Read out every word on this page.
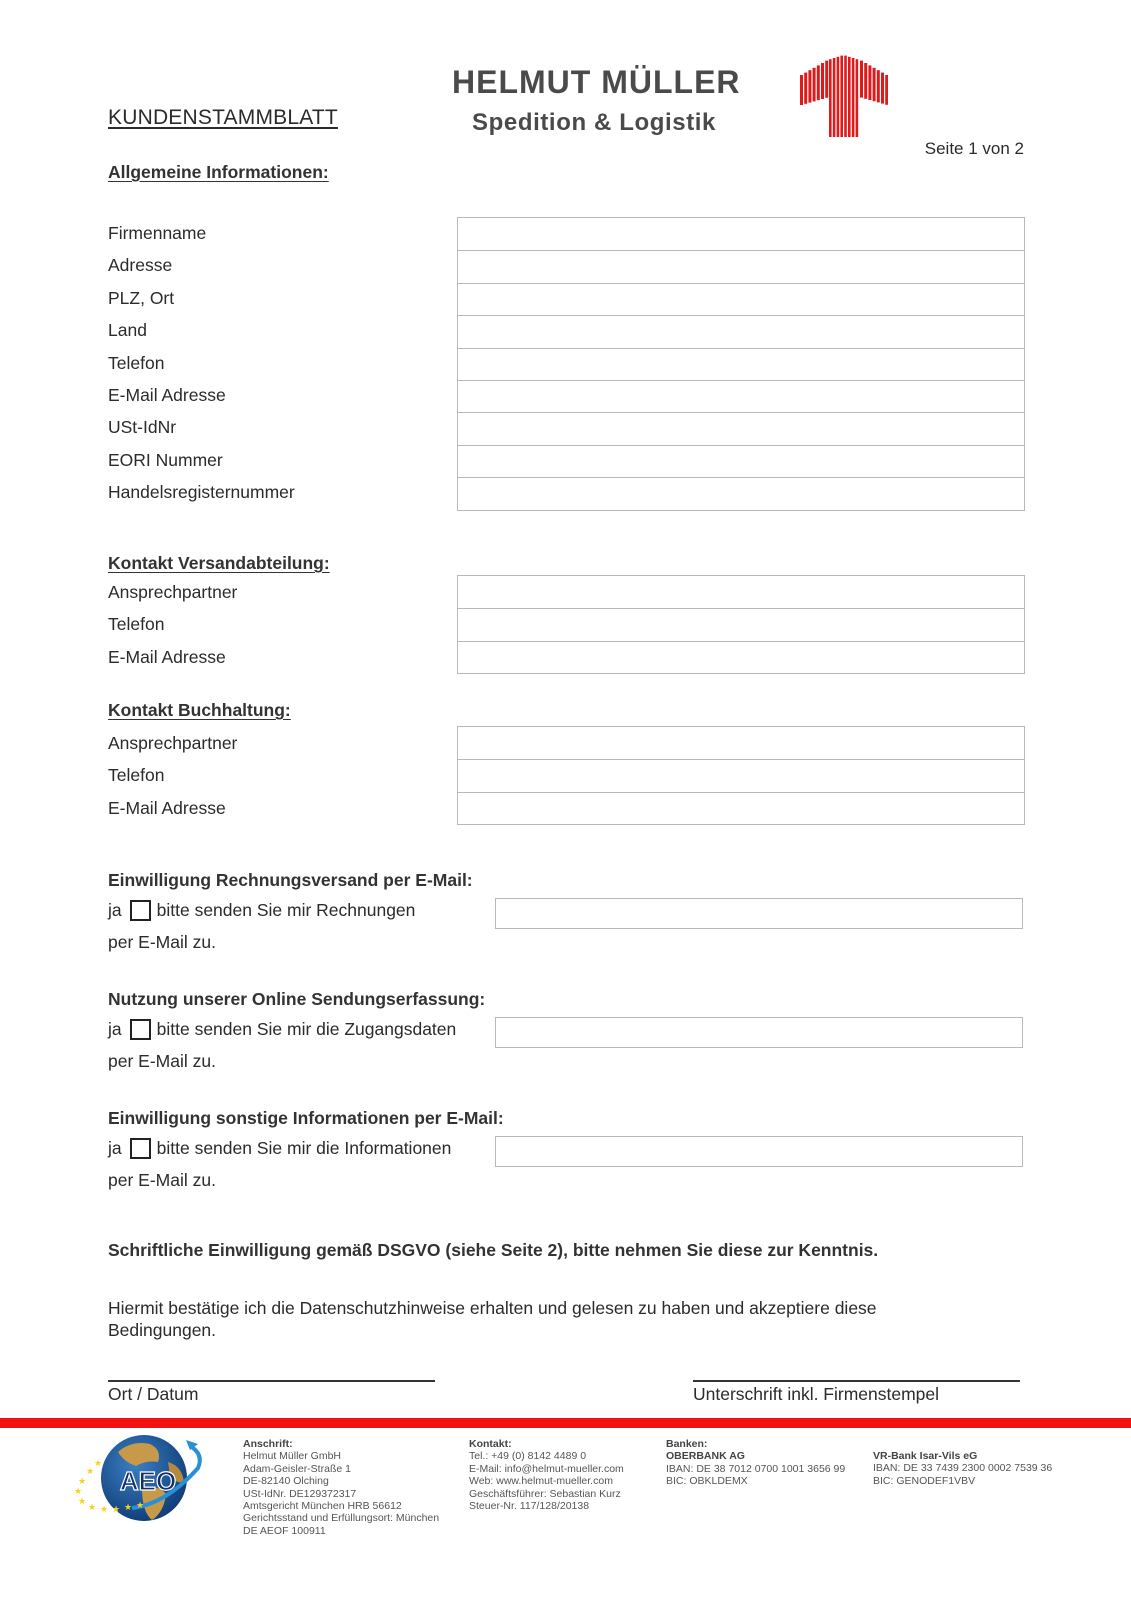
KUNDENSTAMMBLATT
HELMUT MÜLLER
Spedition & Logistik
Seite 1 von 2
Allgemeine Informationen:
Firmenname
Adresse
PLZ, Ort
Land
Telefon
E-Mail Adresse
USt-IdNr
EORI Nummer
Handelsregisternummer
Kontakt Versandabteilung:
Ansprechpartner
Telefon
E-Mail Adresse
Kontakt Buchhaltung:
Ansprechpartner
Telefon
E-Mail Adresse
Einwilligung Rechnungsversand per E-Mail:
ja bitte senden Sie mir Rechnungen
per E-Mail zu.
Nutzung unserer Online Sendungserfassung:
ja bitte senden Sie mir die Zugangsdaten
per E-Mail zu.
Einwilligung sonstige Informationen per E-Mail:
ja bitte senden Sie mir die Informationen
per E-Mail zu.
Schriftliche Einwilligung gemäß DSGVO (siehe Seite 2), bitte nehmen Sie diese zur Kenntnis.
Hiermit bestätige ich die Datenschutzhinweise erhalten und gelesen zu haben und akzeptiere diese Bedingungen.
Ort / Datum	Unterschrift inkl. Firmenstempel
AEO
★
★
★
★
★
★ ★ ★ ★ ★
Anschrift:
Helmut Müller GmbH
Adam-Geisler-Straße 1
DE-82140 Olching
USt-IdNr. DE129372317
Amtsgericht München HRB 56612
Gerichtsstand und Erfüllungsort: München
DE AEOF 100911
Kontakt:
Tel.: +49 (0) 8142 4489 0
E-Mail: info@helmut-mueller.com
Web: www.helmut-mueller.com
Geschäftsführer: Sebastian Kurz
Steuer-Nr. 117/128/20138
Banken:
OBERBANK AG
IBAN: DE 38 7012 0700 1001 3656 99
BIC: OBKLDEMX
VR-Bank Isar-Vils eG
IBAN: DE 33 7439 2300 0002 7539 36
BIC: GENODEF1VBV
